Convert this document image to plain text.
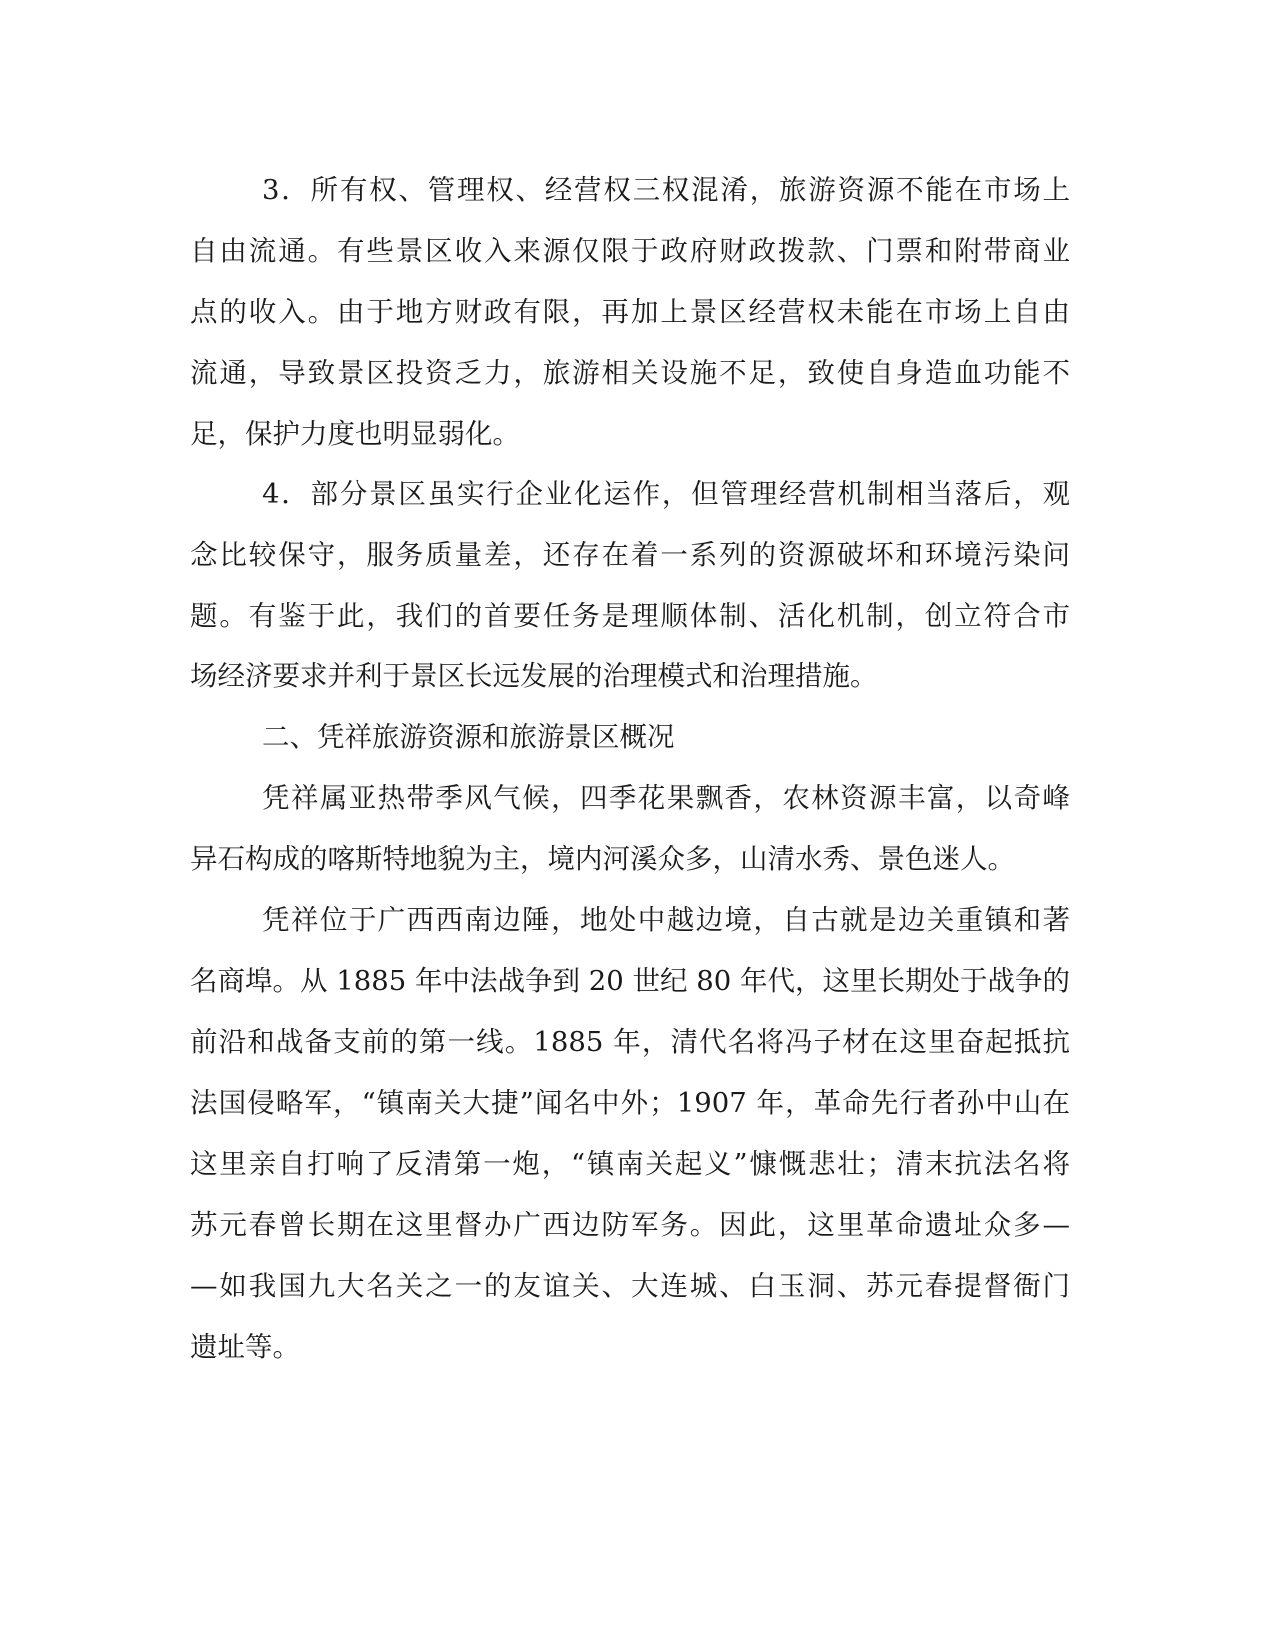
3．所有权、管理权、经营权三权混淆，旅游资源不能在市场上
自由流通。有些景区收入来源仅限于政府财政拨款、门票和附带商业
点的收入。由于地方财政有限，再加上景区经营权未能在市场上自由
流通，导致景区投资乏力，旅游相关设施不足，致使自身造血功能不
足，保护力度也明显弱化。
4．部分景区虽实行企业化运作，但管理经营机制相当落后，观
念比较保守，服务质量差，还存在着一系列的资源破坏和环境污染问
题。有鉴于此，我们的首要任务是理顺体制、活化机制，创立符合市
场经济要求并利于景区长远发展的治理模式和治理措施。
二、凭祥旅游资源和旅游景区概况
凭祥属亚热带季风气候，四季花果飘香，农林资源丰富，以奇峰
异石构成的喀斯特地貌为主，境内河溪众多，山清水秀、景色迷人。
凭祥位于广西西南边陲，地处中越边境，自古就是边关重镇和著
名商埠。从 1885 年中法战争到 20 世纪 80 年代，这里长期处于战争的
前沿和战备支前的第一线。1885 年，清代名将冯子材在这里奋起抵抗
法国侵略军，“镇南关大捷”闻名中外；1907 年，革命先行者孙中山在
这里亲自打响了反清第一炮，“镇南关起义”慷慨悲壮；清末抗法名将
苏元春曾长期在这里督办广西边防军务。因此，这里革命遗址众多—
—如我国九大名关之一的友谊关、大连城、白玉洞、苏元春提督衙门
遗址等。
